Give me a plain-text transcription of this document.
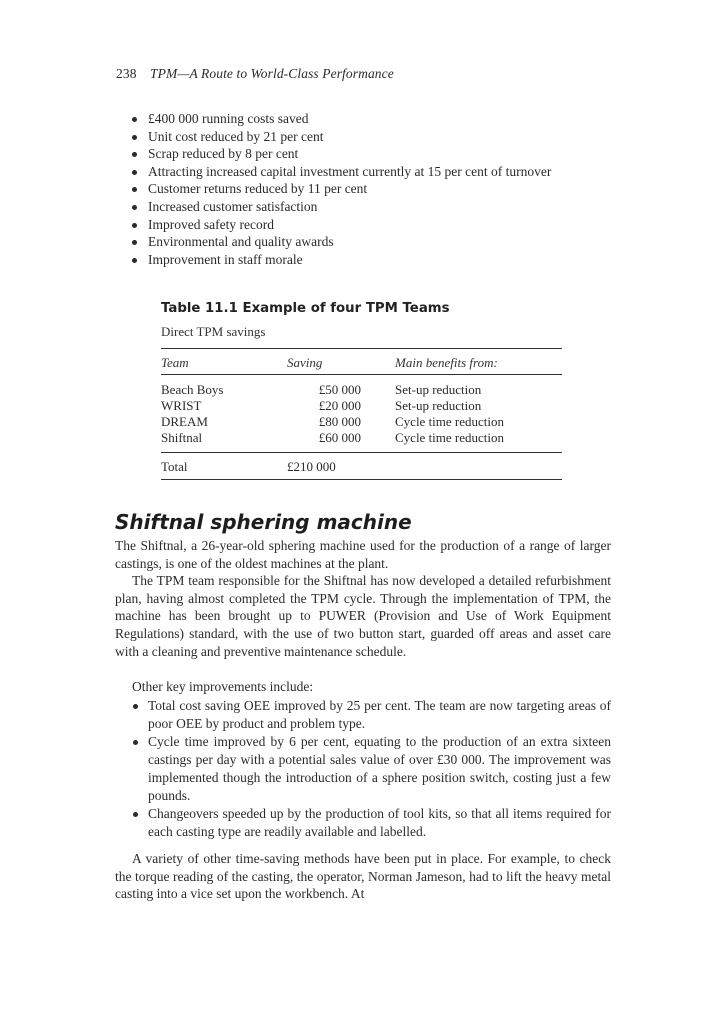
238 TPM—A Route to World-Class Performance
£400 000 running costs saved
Unit cost reduced by 21 per cent
Scrap reduced by 8 per cent
Attracting increased capital investment currently at 15 per cent of turnover
Customer returns reduced by 11 per cent
Increased customer satisfaction
Improved safety record
Environmental and quality awards
Improvement in staff morale
Table 11.1 Example of four TPM Teams
Direct TPM savings
Team	Saving	Main benefits from:
Beach Boys	£50 000	Set-up reduction
WRIST	£20 000	Set-up reduction
DREAM	£80 000	Cycle time reduction
Shiftnal	£60 000	Cycle time reduction
Total	£210 000
Shiftnal sphering machine

The Shiftnal, a 26-year-old sphering machine used for the production of a range of larger castings, is one of the oldest machines at the plant.

The TPM team responsible for the Shiftnal has now developed a detailed refurbishment plan, having almost completed the TPM cycle. Through the implementation of TPM, the machine has been brought up to PUWER (Provision and Use of Work Equipment Regulations) standard, with the use of two button start, guarded off areas and asset care with a cleaning and preventive maintenance schedule.

Other key improvements include:

Total cost saving OEE improved by 25 per cent. The team are now targeting areas of poor OEE by product and problem type.
Cycle time improved by 6 per cent, equating to the production of an extra sixteen castings per day with a potential sales value of over £30 000. The improvement was implemented though the introduction of a sphere position switch, costing just a few pounds.
Changeovers speeded up by the production of tool kits, so that all items required for each casting type are readily available and labelled.

A variety of other time-saving methods have been put in place. For example, to check the torque reading of the casting, the operator, Norman Jameson, had to lift the heavy metal casting into a vice set upon the workbench. At
